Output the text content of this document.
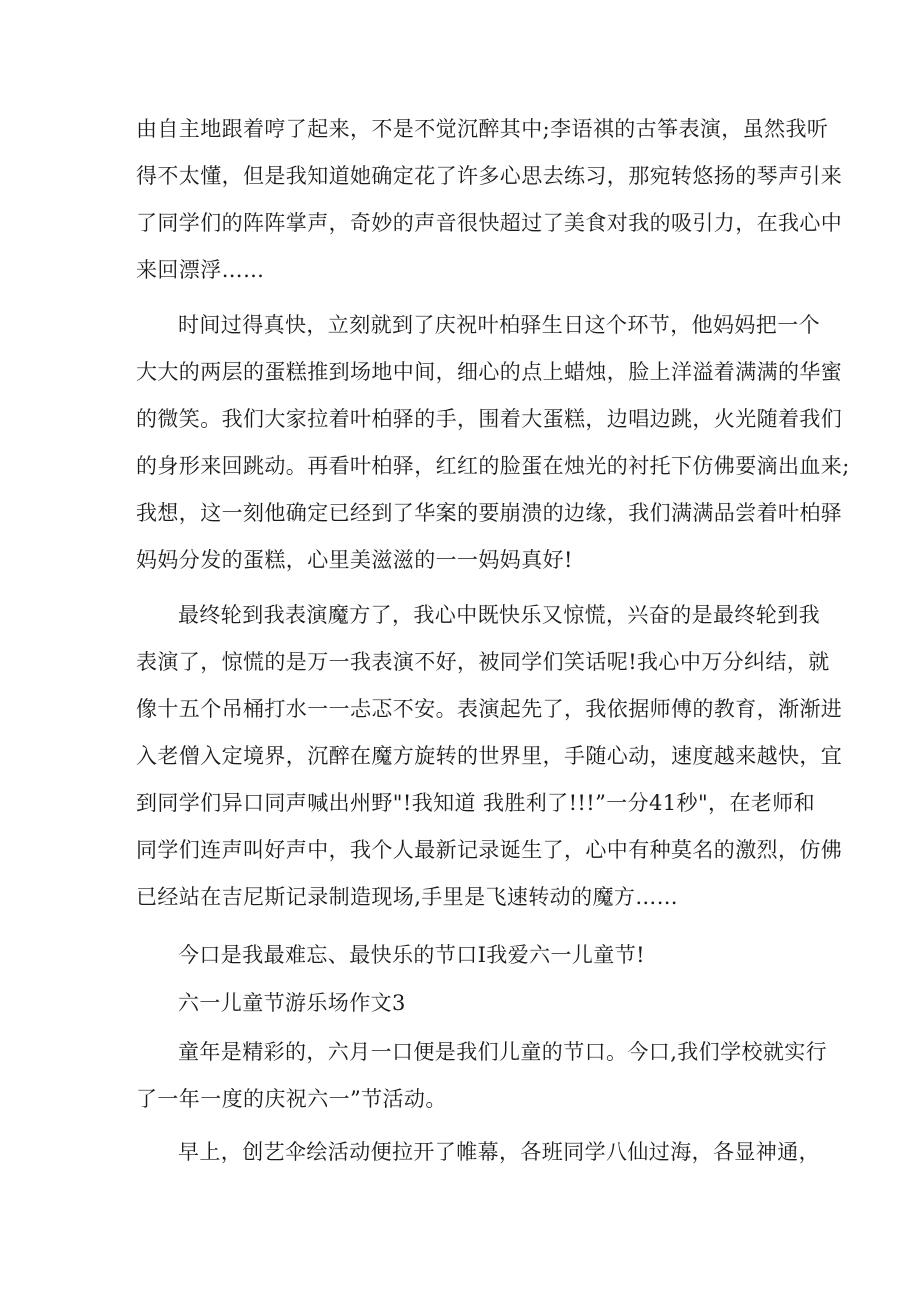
由自主地跟着哼了起来，不是不觉沉醉其中;李语祺的古筝表演，虽然我听
得不太懂，但是我知道她确定花了许多心思去练习，那宛转悠扬的琴声引来
了同学们的阵阵掌声，奇妙的声音很快超过了美食对我的吸引力，在我心中
来回漂浮……
时间过得真快，立刻就到了庆祝叶柏驿生日这个环节，他妈妈把一个
大大的两层的蛋糕推到场地中间，细心的点上蜡烛，脸上洋溢着满满的华蜜
的微笑。我们大家拉着叶柏驿的手，围着大蛋糕，边唱边跳，火光随着我们
的身形来回跳动。再看叶柏驿，红红的脸蛋在烛光的衬托下仿佛要滴出血来;
我想，这一刻他确定已经到了华案的要崩溃的边缘，我们满满品尝着叶柏驿
妈妈分发的蛋糕，心里美滋滋的一一妈妈真好!
最终轮到我表演魔方了，我心中既快乐又惊慌，兴奋的是最终轮到我
表演了，惊慌的是万一我表演不好，被同学们笑话呢!我心中万分纠结，就
像十五个吊桶打水一一忐忑不安。表演起先了，我依据师傅的教育，渐渐进
入老僧入定境界，沉醉在魔方旋转的世界里，手随心动，速度越来越快，宜
到同学们异口同声喊出州野"!我知道 我胜利了!!!”一分41秒"，在老师和
同学们连声叫好声中，我个人最新记录诞生了，心中有种莫名的激烈，仿佛
已经站在吉尼斯记录制造现场,手里是飞速转动的魔方……
今口是我最难忘、最快乐的节口I我爱六一儿童节!
六一儿童节游乐场作文3
童年是精彩的，六月一口便是我们儿童的节口。今口,我们学校就实行
了一年一度的庆祝六一”节活动。
早上，创艺伞绘活动便拉开了帷幕，各班同学八仙过海，各显神通，
